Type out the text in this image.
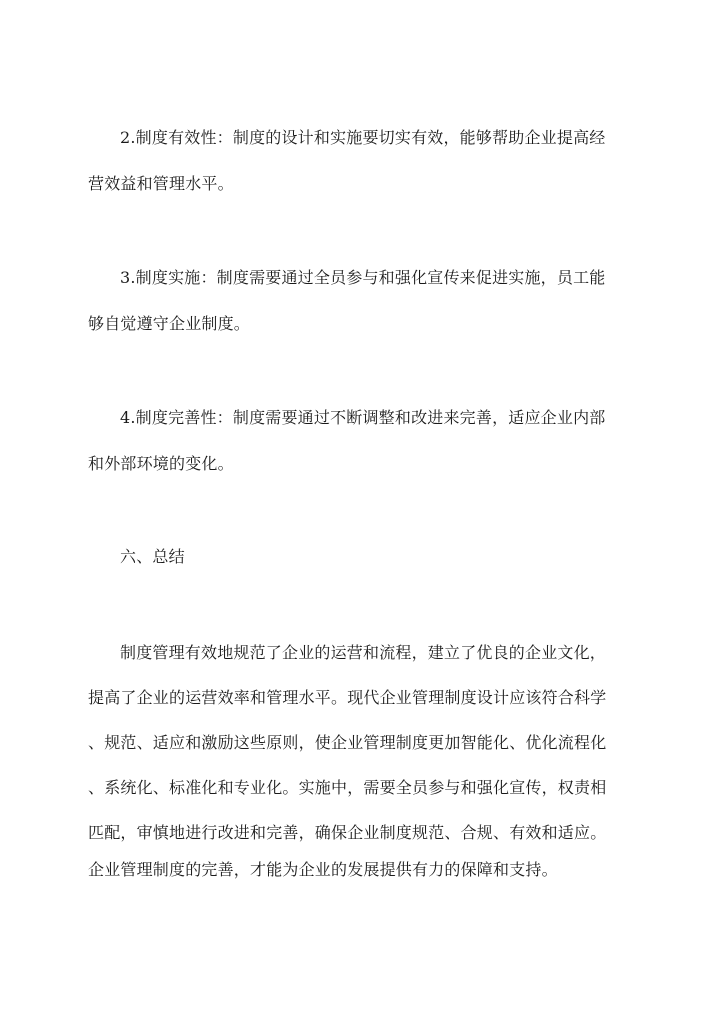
2.制度有效性：制度的设计和实施要切实有效，能够帮助企业提高经
营效益和管理水平。
3.制度实施：制度需要通过全员参与和强化宣传来促进实施，员工能
够自觉遵守企业制度。
4.制度完善性：制度需要通过不断调整和改进来完善，适应企业内部
和外部环境的变化。
六、总结
制度管理有效地规范了企业的运营和流程，建立了优良的企业文化，
提高了企业的运营效率和管理水平。现代企业管理制度设计应该符合科学
、规范、适应和激励这些原则，使企业管理制度更加智能化、优化流程化
、系统化、标准化和专业化。实施中，需要全员参与和强化宣传，权责相
匹配，审慎地进行改进和完善，确保企业制度规范、合规、有效和适应。
企业管理制度的完善，才能为企业的发展提供有力的保障和支持。
